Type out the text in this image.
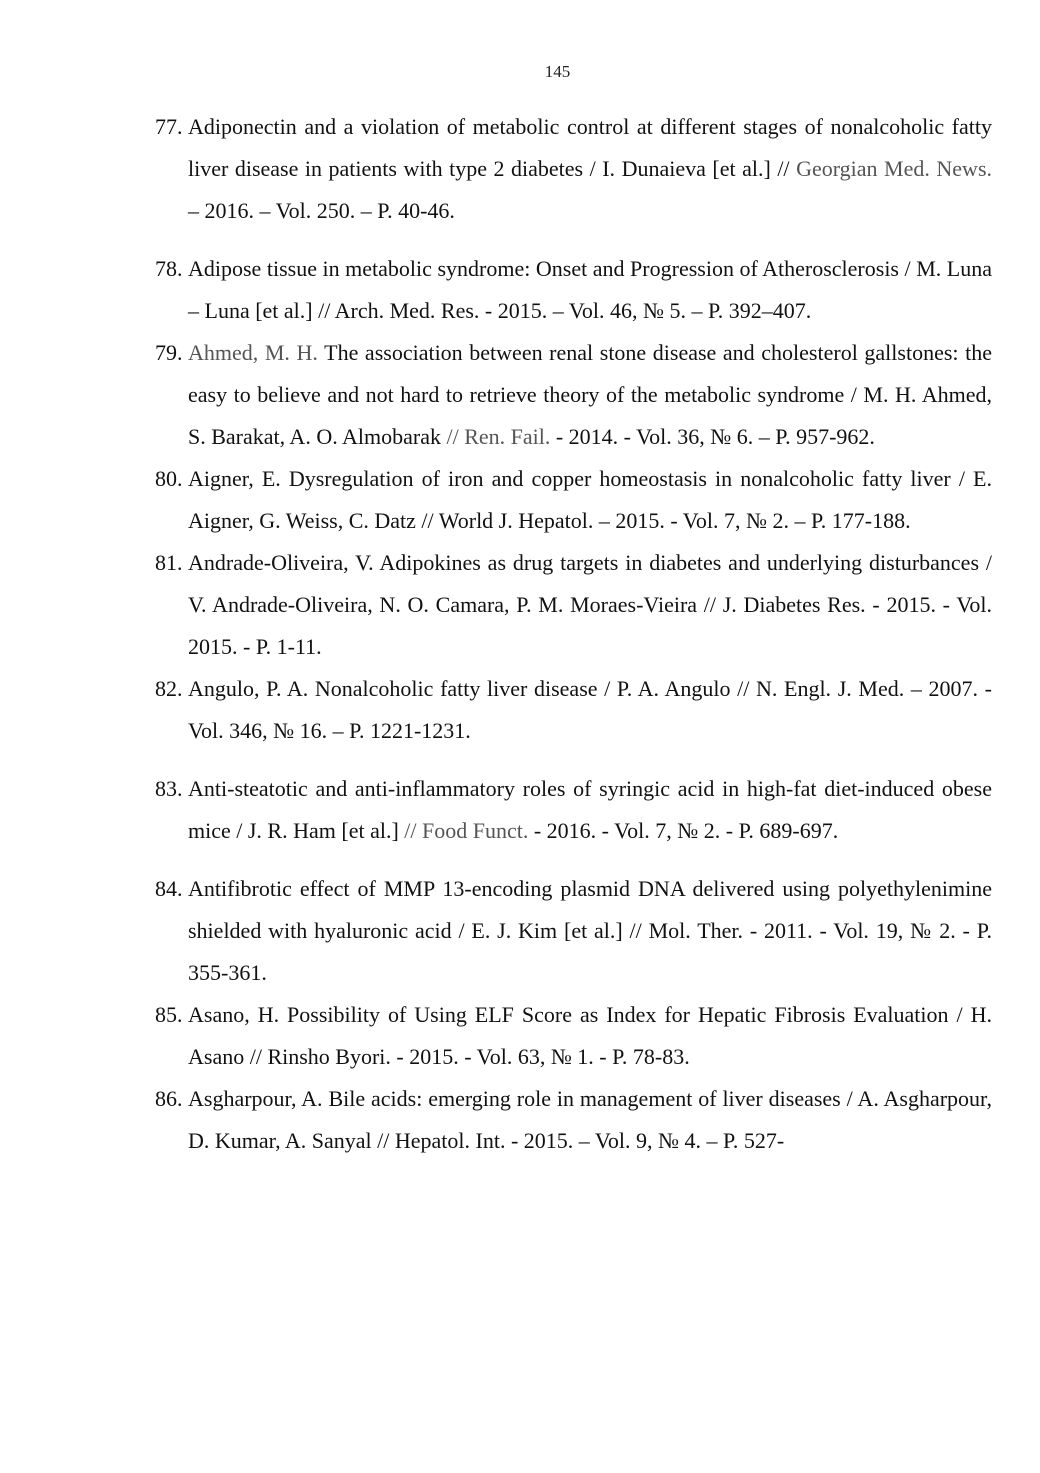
145
77. Adiponectin and a violation of metabolic control at different stages of nonalcoholic fatty liver disease in patients with type 2 diabetes / I. Dunaieva [et al.] // Georgian Med. News. – 2016. – Vol. 250. – P. 40-46.
78. Adipose tissue in metabolic syndrome: Onset and Progression of Atherosclerosis / M. Luna – Luna [et al.] // Arch. Med. Res. - 2015. – Vol. 46, № 5. – P. 392–407.
79. Ahmed, M. H. The association between renal stone disease and cholesterol gallstones: the easy to believe and not hard to retrieve theory of the metabolic syndrome / M. H. Ahmed, S. Barakat, A. O. Almobarak // Ren. Fail. - 2014. - Vol. 36, № 6. – P. 957-962.
80. Aigner, E. Dysregulation of iron and copper homeostasis in nonalcoholic fatty liver / E. Aigner, G. Weiss, C. Datz // World J. Hepatol. – 2015. - Vol. 7, № 2. – P. 177-188.
81. Andrade-Oliveira, V. Adipokines as drug targets in diabetes and underlying disturbances / V. Andrade-Oliveira, N. O. Camara, P. M. Moraes-Vieira // J. Diabetes Res. - 2015. - Vol. 2015. - P. 1-11.
82. Angulo, P. A. Nonalcoholic fatty liver disease / P. A. Angulo // N. Engl. J. Med. – 2007. - Vol. 346, № 16. – P. 1221-1231.
83. Anti-steatotic and anti-inflammatory roles of syringic acid in high-fat diet-induced obese mice / J. R. Ham [et al.] // Food Funct. - 2016. - Vol. 7, № 2. - P. 689-697.
84. Antifibrotic effect of MMP 13-encoding plasmid DNA delivered using polyethylenimine shielded with hyaluronic acid / E. J. Kim [et al.] // Mol. Ther. - 2011. - Vol. 19, № 2. - P. 355-361.
85. Asano, H. Possibility of Using ELF Score as Index for Hepatic Fibrosis Evaluation / H. Asano // Rinsho Byori. - 2015. - Vol. 63, № 1. - P. 78-83.
86. Asgharpour, A. Bile acids: emerging role in management of liver diseases / A. Asgharpour, D. Kumar, A. Sanyal // Hepatol. Int. - 2015. – Vol. 9, № 4. – P. 527-
